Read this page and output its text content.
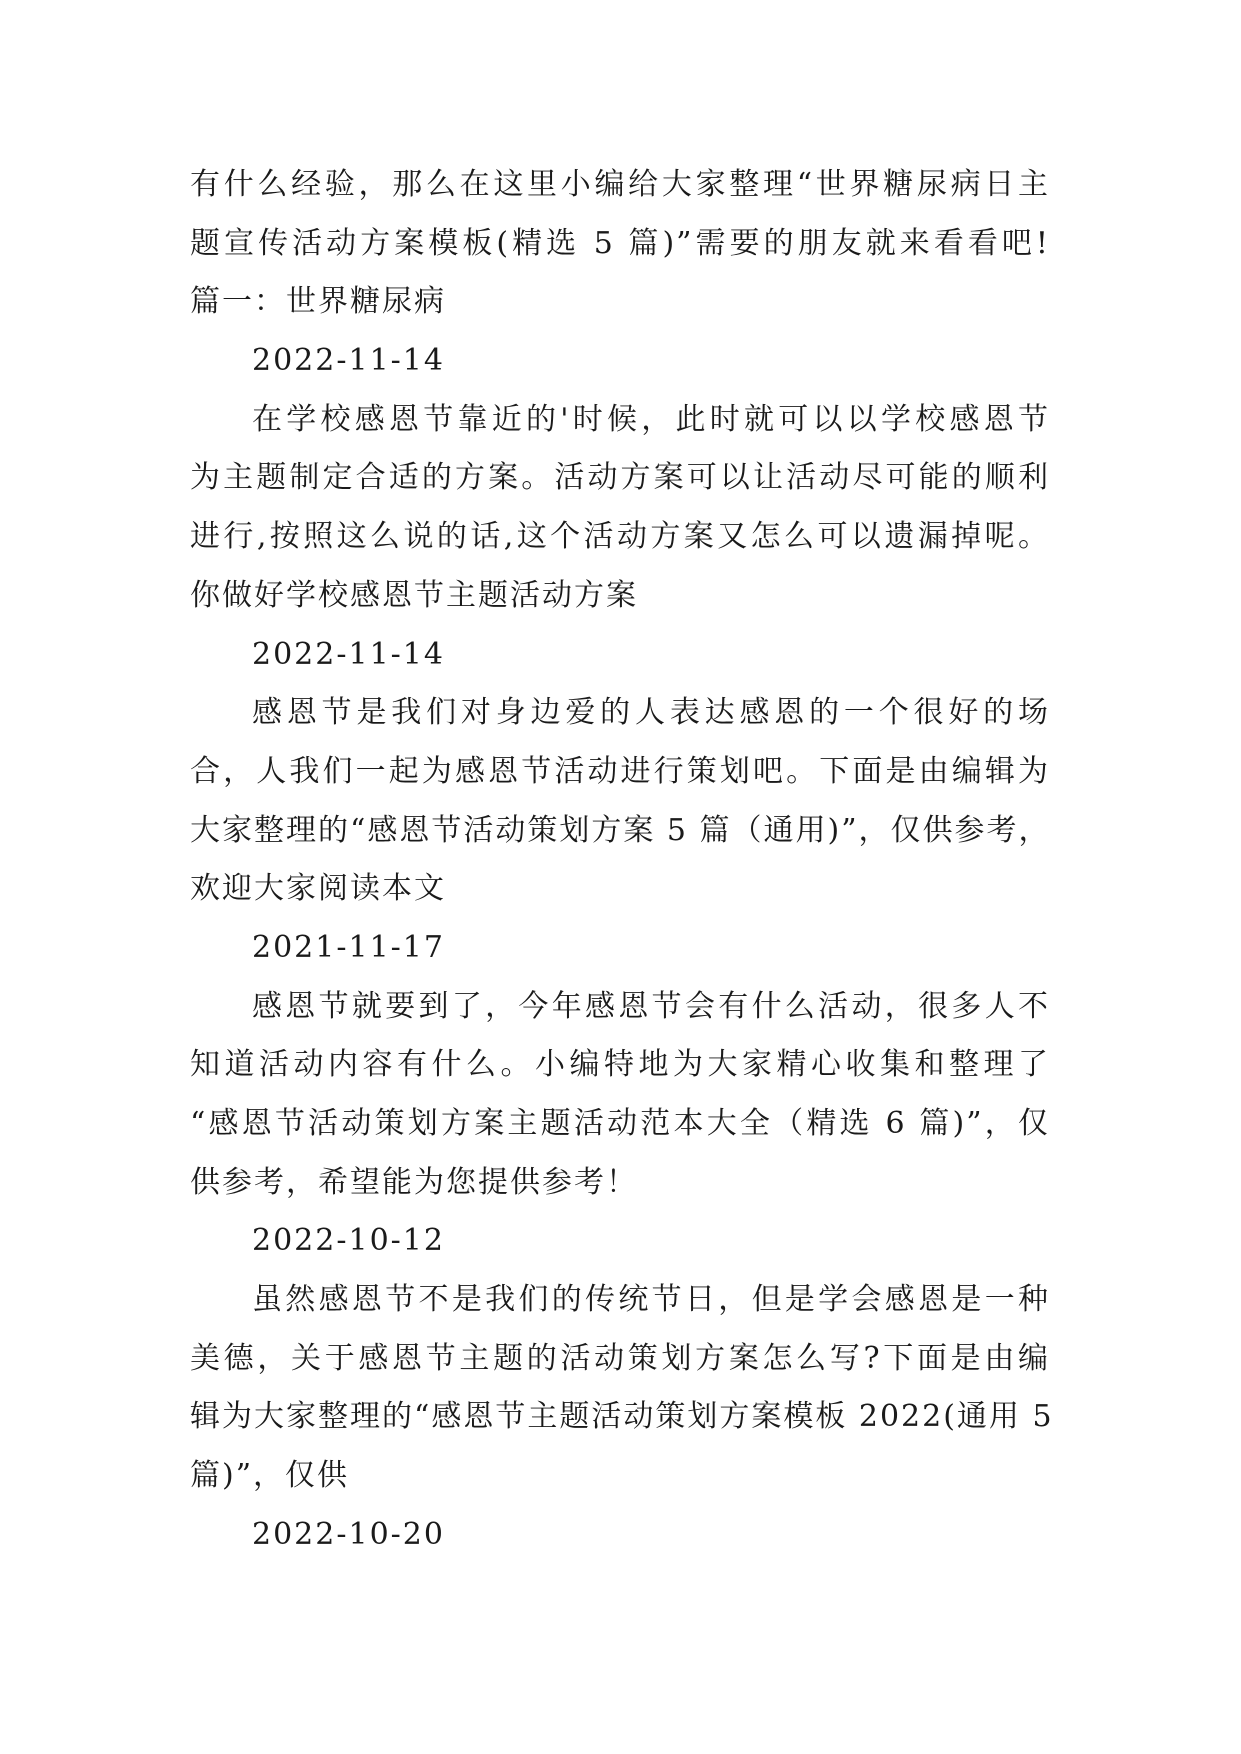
有什么经验，那么在这里小编给大家整理“世界糖尿病日主
题宣传活动方案模板(精选 5 篇)”需要的朋友就来看看吧!
篇一：世界糖尿病
2022-11-14
在学校感恩节靠近的'时候，此时就可以以学校感恩节
为主题制定合适的方案。活动方案可以让活动尽可能的顺利
进行,按照这么说的话,这个活动方案又怎么可以遗漏掉呢。
你做好学校感恩节主题活动方案
2022-11-14
感恩节是我们对身边爱的人表达感恩的一个很好的场
合，人我们一起为感恩节活动进行策划吧。下面是由编辑为
大家整理的“感恩节活动策划方案 5 篇（通用)”，仅供参考，
欢迎大家阅读本文
2021-11-17
感恩节就要到了，今年感恩节会有什么活动，很多人不
知道活动内容有什么。小编特地为大家精心收集和整理了
“感恩节活动策划方案主题活动范本大全（精选 6 篇)”，仅
供参考，希望能为您提供参考！
2022-10-12
虽然感恩节不是我们的传统节日，但是学会感恩是一种
美德，关于感恩节主题的活动策划方案怎么写?下面是由编
辑为大家整理的“感恩节主题活动策划方案模板 2022(通用 5
篇)”，仅供
2022-10-20
